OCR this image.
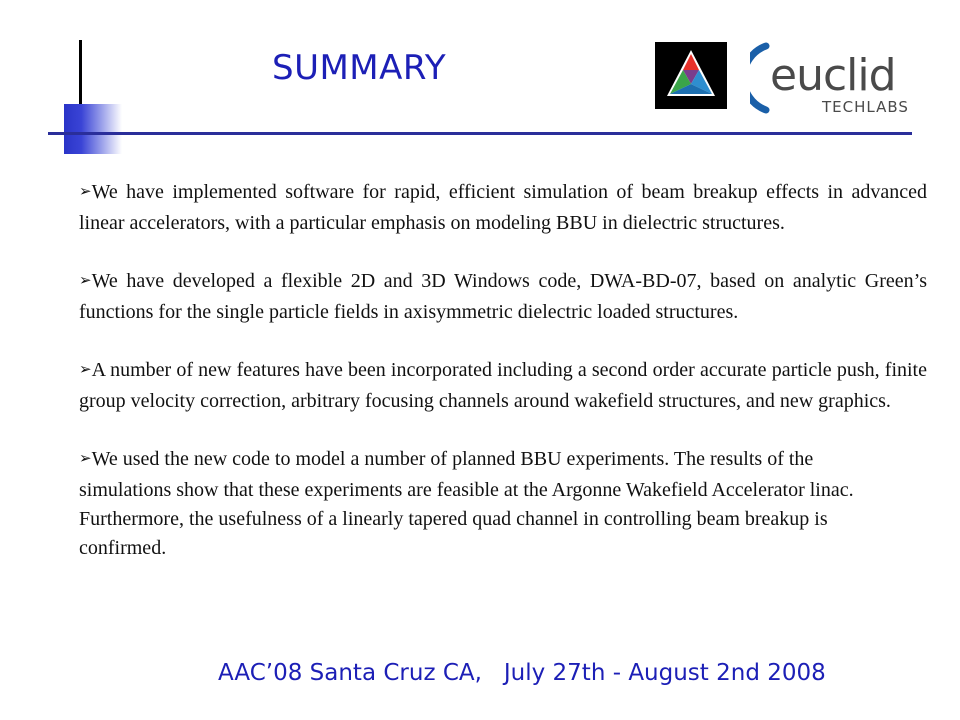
SUMMARY	euclid
TECHLABS

➢We have implemented software for rapid, efficient simulation of beam breakup effects in advanced linear accelerators, with a particular emphasis on modeling BBU in dielectric structures.

➢We have developed a flexible 2D and 3D Windows code, DWA-BD-07, based on analytic Green’s functions for the single particle fields in axisymmetric dielectric loaded structures.

➢A number of new features have been incorporated including a second order accurate particle push, finite group velocity correction, arbitrary focusing channels around wakefield structures, and new graphics.

➢We used the new code to model a number of planned BBU experiments. The results of the simulations show that these experiments are feasible at the Argonne Wakefield Accelerator linac. Furthermore, the usefulness of a linearly tapered quad channel in controlling beam breakup is confirmed.

AAC’08 Santa Cruz CA,   July 27th - August 2nd 2008
